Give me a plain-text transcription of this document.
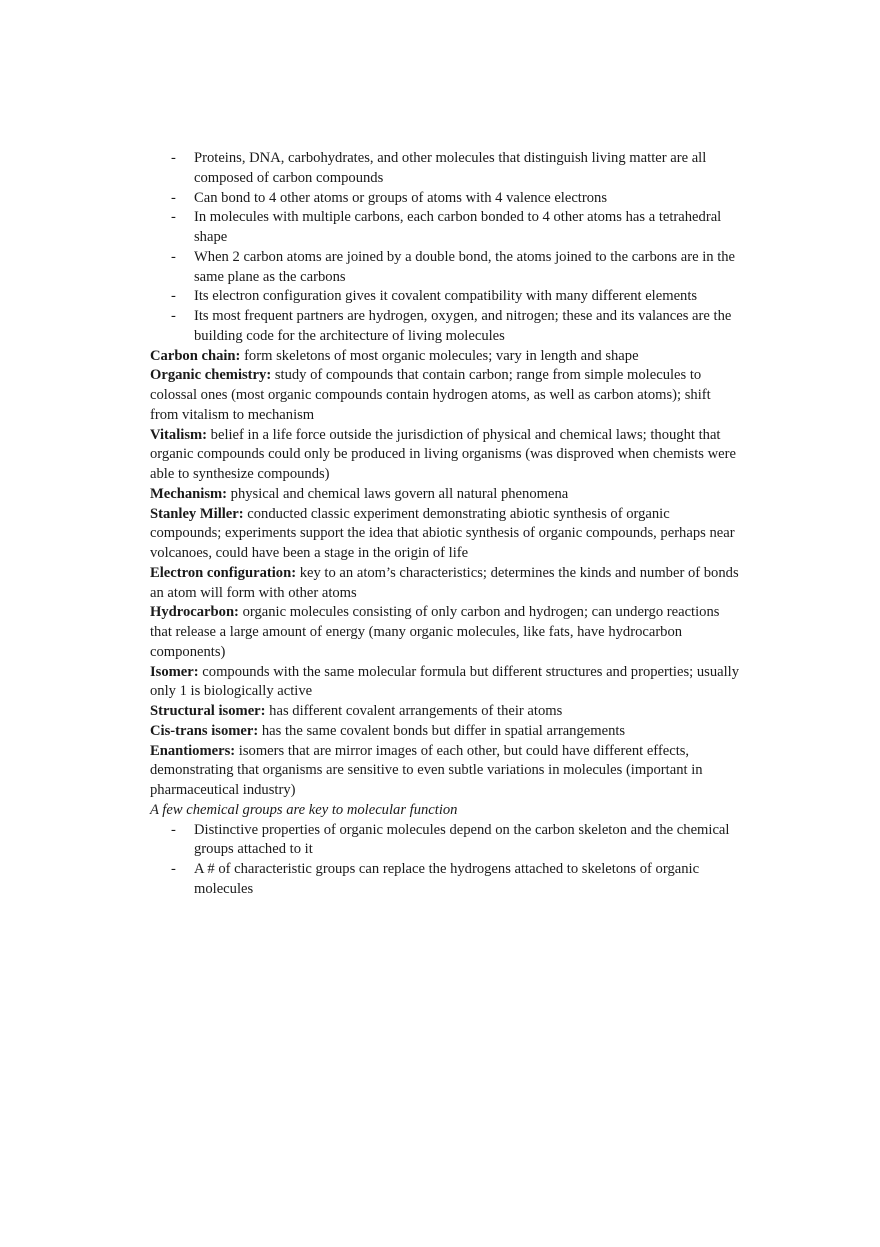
- Proteins, DNA, carbohydrates, and other molecules that distinguish living matter are all composed of carbon compounds
- Can bond to 4 other atoms or groups of atoms with 4 valence electrons
- In molecules with multiple carbons, each carbon bonded to 4 other atoms has a tetrahedral shape
- When 2 carbon atoms are joined by a double bond, the atoms joined to the carbons are in the same plane as the carbons
- Its electron configuration gives it covalent compatibility with many different elements
- Its most frequent partners are hydrogen, oxygen, and nitrogen; these and its valances are the building code for the architecture of living molecules

Carbon chain: form skeletons of most organic molecules; vary in length and shape

Organic chemistry: study of compounds that contain carbon; range from simple molecules to colossal ones (most organic compounds contain hydrogen atoms, as well as carbon atoms); shift from vitalism to mechanism

Vitalism: belief in a life force outside the jurisdiction of physical and chemical laws; thought that organic compounds could only be produced in living organisms (was disproved when chemists were able to synthesize compounds)

Mechanism: physical and chemical laws govern all natural phenomena

Stanley Miller: conducted classic experiment demonstrating abiotic synthesis of organic compounds; experiments support the idea that abiotic synthesis of organic compounds, perhaps near volcanoes, could have been a stage in the origin of life

Electron configuration: key to an atom’s characteristics; determines the kinds and number of bonds an atom will form with other atoms

Hydrocarbon: organic molecules consisting of only carbon and hydrogen; can undergo reactions that release a large amount of energy (many organic molecules, like fats, have hydrocarbon components)

Isomer: compounds with the same molecular formula but different structures and properties; usually only 1 is biologically active

Structural isomer: has different covalent arrangements of their atoms

Cis-trans isomer: has the same covalent bonds but differ in spatial arrangements

Enantiomers: isomers that are mirror images of each other, but could have different effects, demonstrating that organisms are sensitive to even subtle variations in molecules (important in pharmaceutical industry)

A few chemical groups are key to molecular function

- Distinctive properties of organic molecules depend on the carbon skeleton and the chemical groups attached to it
- A # of characteristic groups can replace the hydrogens attached to skeletons of organic molecules
